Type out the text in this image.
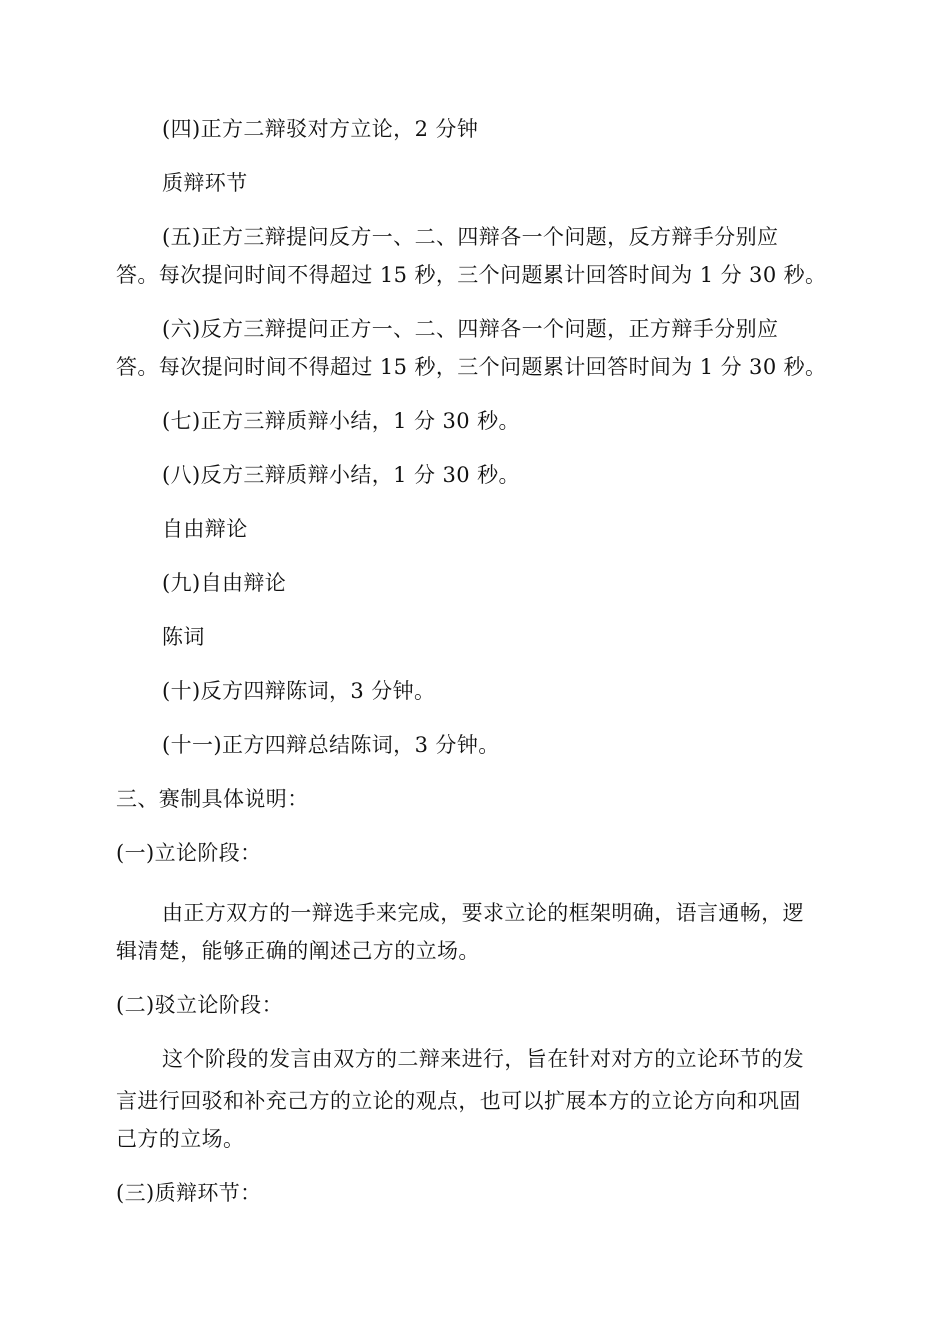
(四)正方二辩驳对方立论，2 分钟
质辩环节
(五)正方三辩提问反方一、二、四辩各一个问题，反方辩手分别应
答。每次提问时间不得超过 15 秒，三个问题累计回答时间为 1 分 30 秒。
(六)反方三辩提问正方一、二、四辩各一个问题，正方辩手分别应
答。每次提问时间不得超过 15 秒，三个问题累计回答时间为 1 分 30 秒。
(七)正方三辩质辩小结，1 分 30 秒。
(八)反方三辩质辩小结，1 分 30 秒。
自由辩论
(九)自由辩论
陈词
(十)反方四辩陈词，3 分钟。
(十一)正方四辩总结陈词，3 分钟。
三、赛制具体说明：
(一)立论阶段：
由正方双方的一辩选手来完成，要求立论的框架明确，语言通畅，逻
辑清楚，能够正确的阐述己方的立场。
(二)驳立论阶段：
这个阶段的发言由双方的二辩来进行，旨在针对对方的立论环节的发
言进行回驳和补充己方的立论的观点，也可以扩展本方的立论方向和巩固
己方的立场。
(三)质辩环节：
